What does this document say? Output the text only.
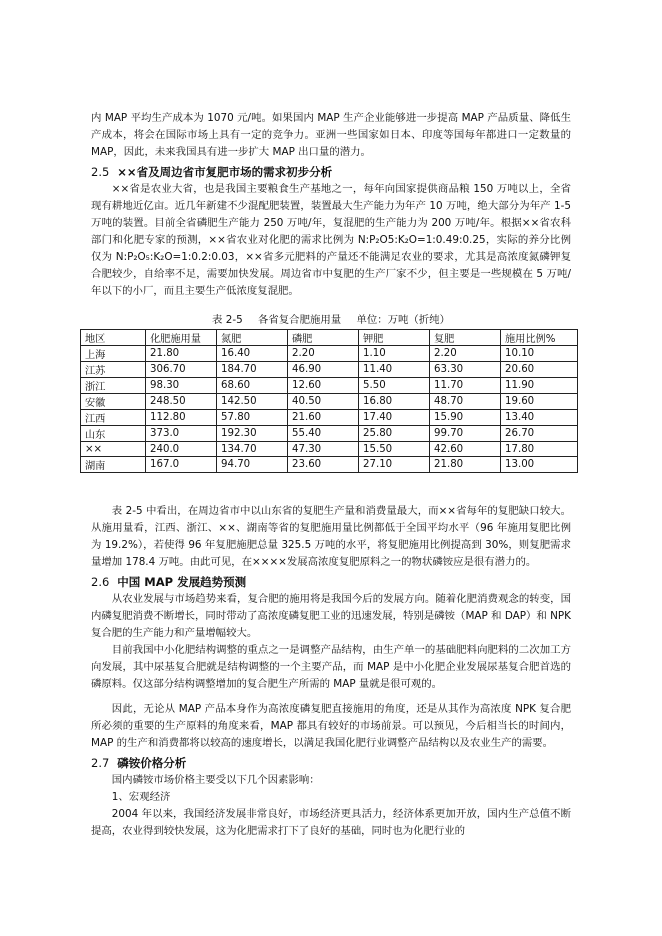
内 MAP 平均生产成本为 1070 元/吨。如果国内 MAP 生产企业能够进一步提高 MAP 产品质量、降低生产成本，将会在国际市场上具有一定的竞争力。亚洲一些国家如日本、印度等国每年都进口一定数量的 MAP，因此，未来我国具有进一步扩大 MAP 出口量的潜力。

2.5 ××省及周边省市复肥市场的需求初步分析

××省是农业大省，也是我国主要粮食生产基地之一，每年向国家提供商品粮 150 万吨以上，全省现有耕地近亿亩。近几年新建不少混配肥装置，装置最大生产能力为年产 10 万吨，绝大部分为年产 1-5 万吨的装置。目前全省磷肥生产能力 250 万吨/年，复混肥的生产能力为 200 万吨/年。根据××省农科部门和化肥专家的预测，××省农业对化肥的需求比例为 N:P₂O5:K₂O=1:0.49:0.25，实际的养分比例仅为 N:P₂O₅:K₂O=1:0.2:0.03，××省多元肥料的产量还不能满足农业的要求，尤其是高浓度氮磷钾复合肥较少，自给率不足，需要加快发展。周边省市中复肥的生产厂家不少，但主要是一些规模在 5 万吨/年以下的小厂，而且主要生产低浓度复混肥。

表 2-5 各省复合肥施用量 单位：万吨（折纯）
地区	化肥施用量	氮肥	磷肥	钾肥	复肥	施用比例%
上海	21.80	16.40	2.20	1.10	2.20	10.10
江苏	306.70	184.70	46.90	11.40	63.30	20.60
浙江	98.30	68.60	12.60	5.50	11.70	11.90
安徽	248.50	142.50	40.50	16.80	48.70	19.60
江西	112.80	57.80	21.60	17.40	15.90	13.40
山东	373.0	192.30	55.40	25.80	99.70	26.70
××	240.0	134.70	47.30	15.50	42.60	17.80
湖南	167.0	94.70	23.60	27.10	21.80	13.00

表 2-5 中看出，在周边省市中以山东省的复肥生产量和消费量最大，而××省每年的复肥缺口较大。从施用量看，江西、浙江、××、湖南等省的复肥施用量比例都低于全国平均水平（96 年施用复肥比例为 19.2%），若使得 96 年复肥施肥总量 325.5 万吨的水平，将复肥施用比例提高到 30%，则复肥需求量增加 178.4 万吨。由此可见，在××××发展高浓度复肥原料之一的物状磷铵应是很有潜力的。

2.6 中国 MAP 发展趋势预测

从农业发展与市场趋势来看，复合肥的施用将是我国今后的发展方向。随着化肥消费观念的转变，国内磷复肥消费不断增长，同时带动了高浓度磷复肥工业的迅速发展，特别是磷铵（MAP 和 DAP）和 NPK 复合肥的生产能力和产量增幅较大。

目前我国中小化肥结构调整的重点之一是调整产品结构，由生产单一的基础肥料向肥料的二次加工方向发展，其中尿基复合肥就是结构调整的一个主要产品，而 MAP 是中小化肥企业发展尿基复合肥首选的磷原料。仅这部分结构调整增加的复合肥生产所需的 MAP 量就是很可观的。

因此，无论从 MAP 产品本身作为高浓度磷复肥直接施用的角度，还是从其作为高浓度 NPK 复合肥所必须的重要的生产原料的角度来看，MAP 都具有较好的市场前景。可以预见，今后相当长的时间内，MAP 的生产和消费都将以较高的速度增长，以满足我国化肥行业调整产品结构以及农业生产的需要。

2.7 磷铵价格分析

国内磷铵市场价格主要受以下几个因素影响：

1、宏观经济

2004 年以来，我国经济发展非常良好，市场经济更具活力，经济体系更加开放，国内生产总值不断提高，农业得到较快发展，这为化肥需求打下了良好的基础，同时也为化肥行业的
